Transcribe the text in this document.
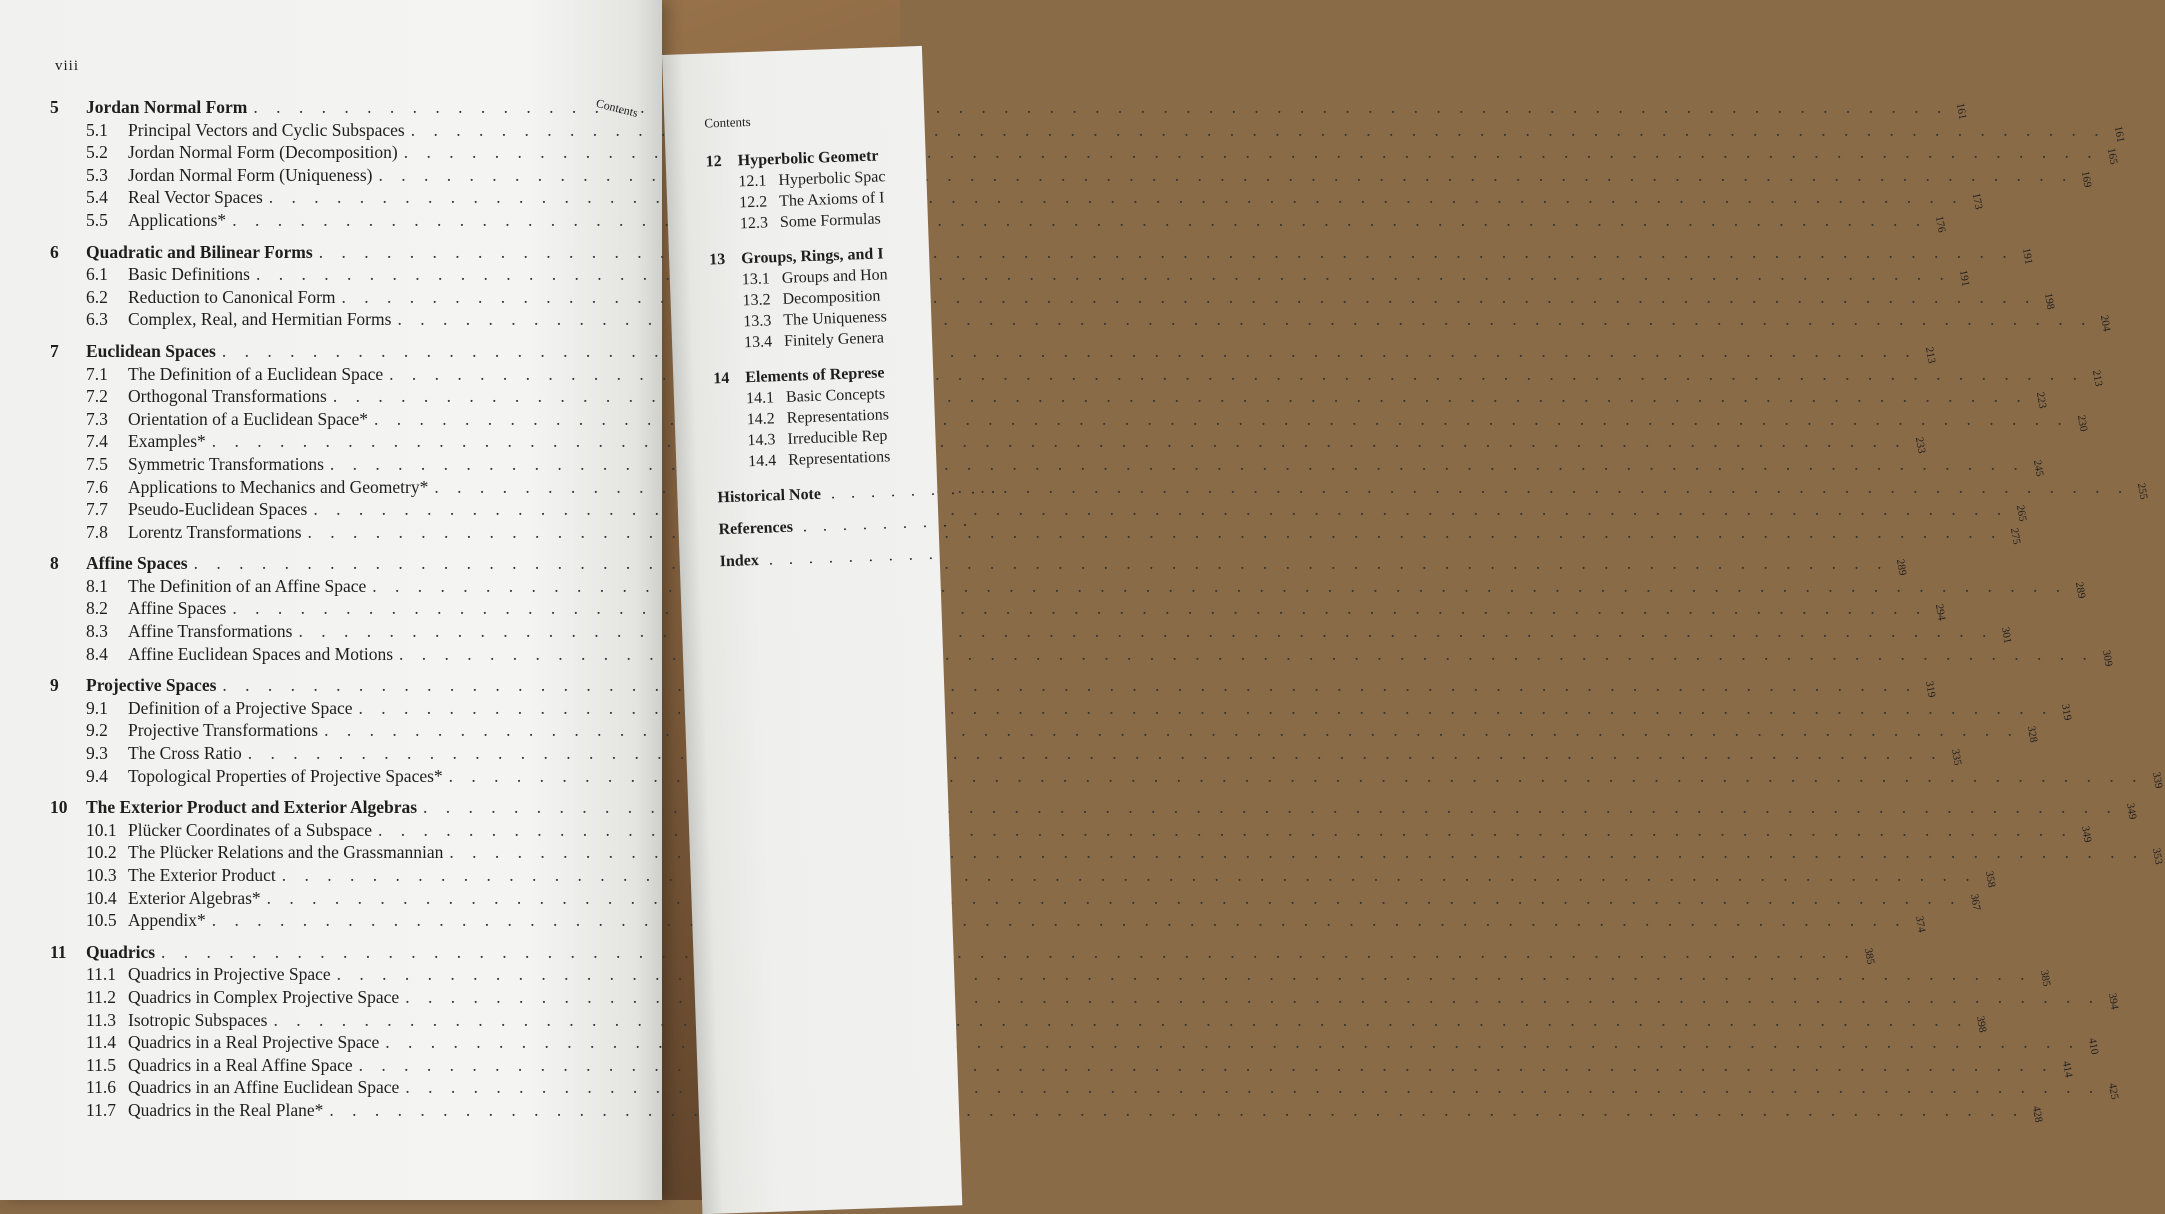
viii
Contents
5	Jordan Normal Form . . .	161
5.1	Principal Vectors and Cyclic Subspaces . . .	161
5.2	Jordan Normal Form (Decomposition) . . .	165
5.3	Jordan Normal Form (Uniqueness) . . .	169
5.4	Real Vector Spaces . . .	173
5.5	Applications* . . .	176
6	Quadratic and Bilinear Forms . . .	191
6.1	Basic Definitions . . .	191
6.2	Reduction to Canonical Form . . .	198
6.3	Complex, Real, and Hermitian Forms . . .	204
7	Euclidean Spaces . . .	213
7.1	The Definition of a Euclidean Space . . .	213
7.2	Orthogonal Transformations . . .	223
7.3	Orientation of a Euclidean Space* . . .	230
7.4	Examples* . . .	233
7.5	Symmetric Transformations . . .	245
7.6	Applications to Mechanics and Geometry* . . .	255
7.7	Pseudo-Euclidean Spaces . . .	265
7.8	Lorentz Transformations . . .	275
8	Affine Spaces . . .	289
8.1	The Definition of an Affine Space . . .	289
8.2	Affine Spaces . . .	294
8.3	Affine Transformations . . .	301
8.4	Affine Euclidean Spaces and Motions . . .	309
9	Projective Spaces . . .	319
9.1	Definition of a Projective Space . . .	319
9.2	Projective Transformations . . .	328
9.3	The Cross Ratio . . .	335
9.4	Topological Properties of Projective Spaces* . . .	339
10	The Exterior Product and Exterior Algebras . . .	349
10.1 Plücker Coordinates of a Subspace . . .	349
10.2 The Plücker Relations and the Grassmannian . . .	353
10.3 The Exterior Product . . .	358
10.4 Exterior Algebras* . . .	367
10.5 Appendix* . . .	374
11	Quadrics . . .	385
11.1 Quadrics in Projective Space . . .	385
11.2 Quadrics in Complex Projective Space . . .	394
11.3 Isotropic Subspaces . . .	398
11.4 Quadrics in a Real Projective Space . . .	410
11.5 Quadrics in a Real Affine Space . . .	414
11.6 Quadrics in an Affine Euclidean Space . . .	425
11.7 Quadrics in the Real Plane* . . .	428
Contents
12 Hyperbolic Geometr
12.1 Hyperbolic Spac
12.2 The Axioms of I
12.3 Some Formulas
13 Groups, Rings, and I
13.1 Groups and Hon
13.2 Decomposition
13.3 The Uniqueness
13.4 Finitely Genera
14 Elements of Represe
14.1 Basic Concepts
14.2 Representations
14.3 Irreducible Rep
14.4 Representations
Historical Note . . . . . . . . .
References . . . . . . . . .
Index . . . . . . . . .
